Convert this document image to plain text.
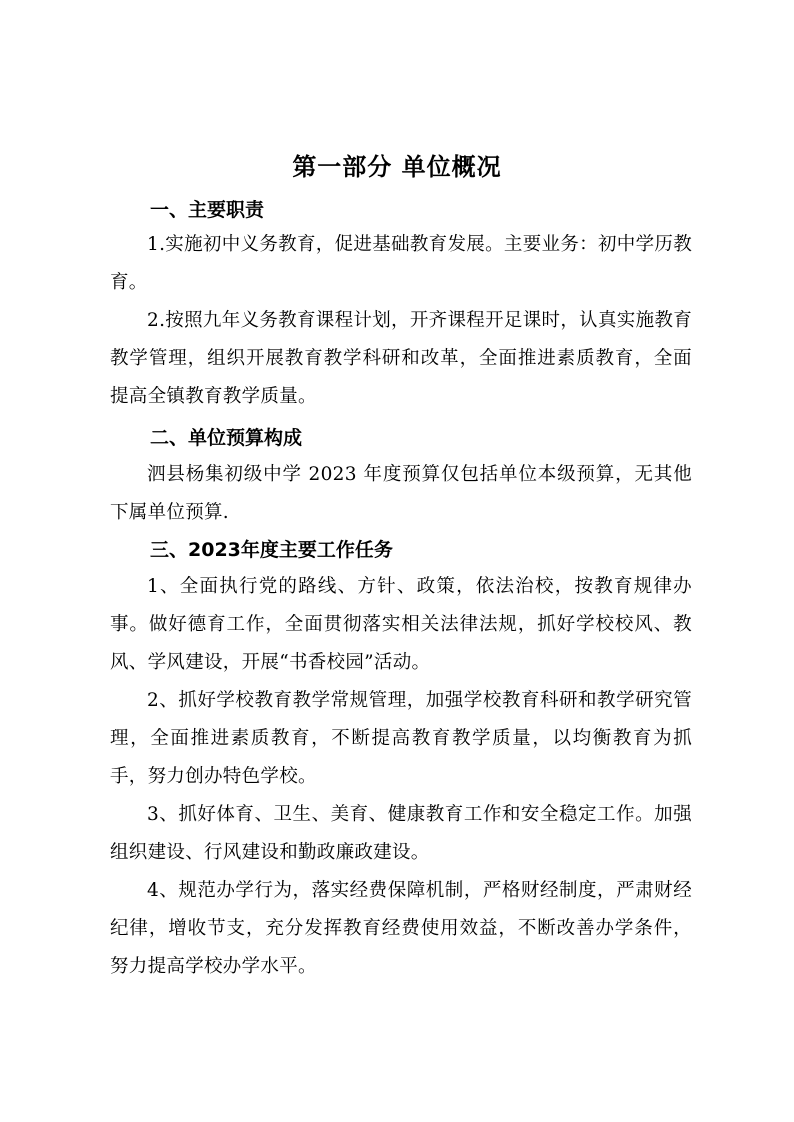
第一部分 单位概况
一、主要职责
1.实施初中义务教育，促进基础教育发展。主要业务：初中学历教育。
2.按照九年义务教育课程计划，开齐课程开足课时，认真实施教育教学管理，组织开展教育教学科研和改革，全面推进素质教育，全面提高全镇教育教学质量。
二、单位预算构成
泗县杨集初级中学 2023 年度预算仅包括单位本级预算，无其他下属单位预算.
三、2023年度主要工作任务
1、全面执行党的路线、方针、政策，依法治校，按教育规律办事。做好德育工作，全面贯彻落实相关法律法规，抓好学校校风、教风、学风建设，开展“书香校园”活动。
2、抓好学校教育教学常规管理，加强学校教育科研和教学研究管理，全面推进素质教育，不断提高教育教学质量，以均衡教育为抓手，努力创办特色学校。
3、抓好体育、卫生、美育、健康教育工作和安全稳定工作。加强组织建设、行风建设和勤政廉政建设。
4、规范办学行为，落实经费保障机制，严格财经制度，严肃财经纪律，增收节支，充分发挥教育经费使用效益，不断改善办学条件，努力提高学校办学水平。
